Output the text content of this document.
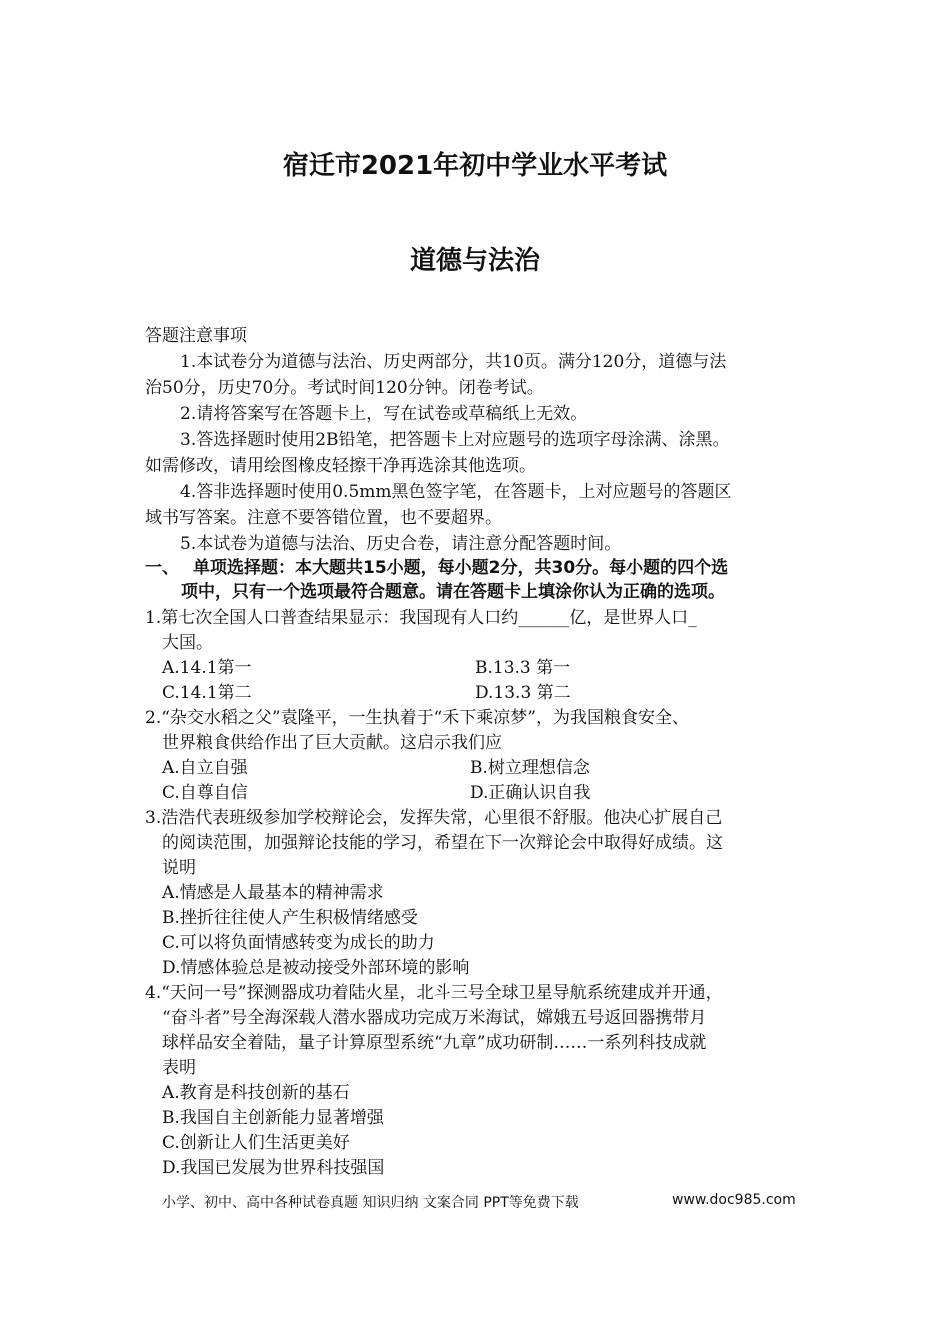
宿迁市2021年初中学业水平考试
道德与法治
答题注意事项
1.本试卷分为道德与法治、历史两部分，共10页。满分120分，道德与法
治50分，历史70分。考试时间120分钟。闭卷考试。
2.请将答案写在答题卡上，写在试卷或草稿纸上无效。
3.答选择题时使用2B铅笔，把答题卡上对应题号的选项字母涂满、涂黑。
如需修改，请用绘图橡皮轻擦干净再选涂其他选项。
4.答非选择题时使用0.5mm黑色签字笔，在答题卡，上对应题号的答题区
域书写答案。注意不要答错位置，也不要超界。
5.本试卷为道德与法治、历史合卷，请注意分配答题时间。
一、 单项选择题：本大题共15小题，每小题2分，共30分。每小题的四个选
项中，只有一个选项最符合题意。请在答题卡上填涂你认为正确的选项。
1.第七次全国人口普查结果显示：我国现有人口约______亿，是世界人口_
大国。
A.14.1第一	B.13.3 第一
C.14.1第二	D.13.3 第二
2.“杂交水稻之父”袁隆平，一生执着于“禾下乘凉梦”，为我国粮食安全、
世界粮食供给作出了巨大贡献。这启示我们应
A.自立自强	B.树立理想信念
C.自尊自信	D.正确认识自我
3.浩浩代表班级参加学校辩论会，发挥失常，心里很不舒服。他决心扩展自己
的阅读范围，加强辩论技能的学习，希望在下一次辩论会中取得好成绩。这
说明
A.情感是人最基本的精神需求
B.挫折往往使人产生积极情绪感受
C.可以将负面情感转变为成长的助力
D.情感体验总是被动接受外部环境的影响
4.“天问一号”探测器成功着陆火星，北斗三号全球卫星导航系统建成并开通，
“奋斗者”号全海深载人潜水器成功完成万米海试，嫦娥五号返回器携带月
球样品安全着陆，量子计算原型系统“九章”成功研制……一系列科技成就
表明
A.教育是科技创新的基石
B.我国自主创新能力显著增强
C.创新让人们生活更美好
D.我国已发展为世界科技强国
小学、初中、高中各种试卷真题 知识归纳 文案合同 PPT等免费下载	www.doc985.com
